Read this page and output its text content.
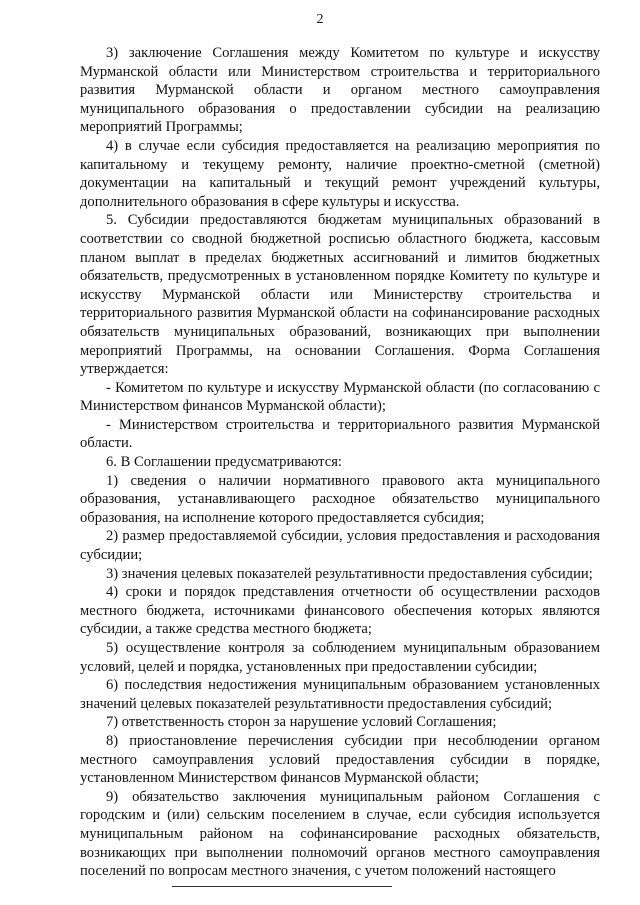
2

3) заключение Соглашения между Комитетом по культуре и искусству Мурманской области или Министерством строительства и территориального развития Мурманской области и органом местного самоуправления муниципального образования о предоставлении субсидии на реализацию мероприятий Программы;

4) в случае если субсидия предоставляется на реализацию мероприятия по капитальному и текущему ремонту, наличие проектно-сметной (сметной) документации на капитальный и текущий ремонт учреждений культуры, дополнительного образования в сфере культуры и искусства.

5. Субсидии предоставляются бюджетам муниципальных образований в соответствии со сводной бюджетной росписью областного бюджета, кассовым планом выплат в пределах бюджетных ассигнований и лимитов бюджетных обязательств, предусмотренных в установленном порядке Комитету по культуре и искусству Мурманской области или Министерству строительства и территориального развития Мурманской области на софинансирование расходных обязательств муниципальных образований, возникающих при выполнении мероприятий Программы, на основании Соглашения. Форма Соглашения утверждается:

- Комитетом по культуре и искусству Мурманской области (по согласованию с Министерством финансов Мурманской области);

- Министерством строительства и территориального развития Мурманской области.

6. В Соглашении предусматриваются:

1) сведения о наличии нормативного правового акта муниципального образования, устанавливающего расходное обязательство муниципального образования, на исполнение которого предоставляется субсидия;

2) размер предоставляемой субсидии, условия предоставления и расходования субсидии;

3) значения целевых показателей результативности предоставления субсидии;

4) сроки и порядок представления отчетности об осуществлении расходов местного бюджета, источниками финансового обеспечения которых являются субсидии, а также средства местного бюджета;

5) осуществление контроля за соблюдением муниципальным образованием условий, целей и порядка, установленных при предоставлении субсидии;

6) последствия недостижения муниципальным образованием установленных значений целевых показателей результативности предоставления субсидий;

7) ответственность сторон за нарушение условий Соглашения;

8) приостановление перечисления субсидии при несоблюдении органом местного самоуправления условий предоставления субсидии в порядке, установленном Министерством финансов Мурманской области;

9) обязательство заключения муниципальным районом Соглашения с городским и (или) сельским поселением в случае, если субсидия используется муниципальным районом на софинансирование расходных обязательств, возникающих при выполнении полномочий органов местного самоуправления поселений по вопросам местного значения, с учетом положений настоящего
